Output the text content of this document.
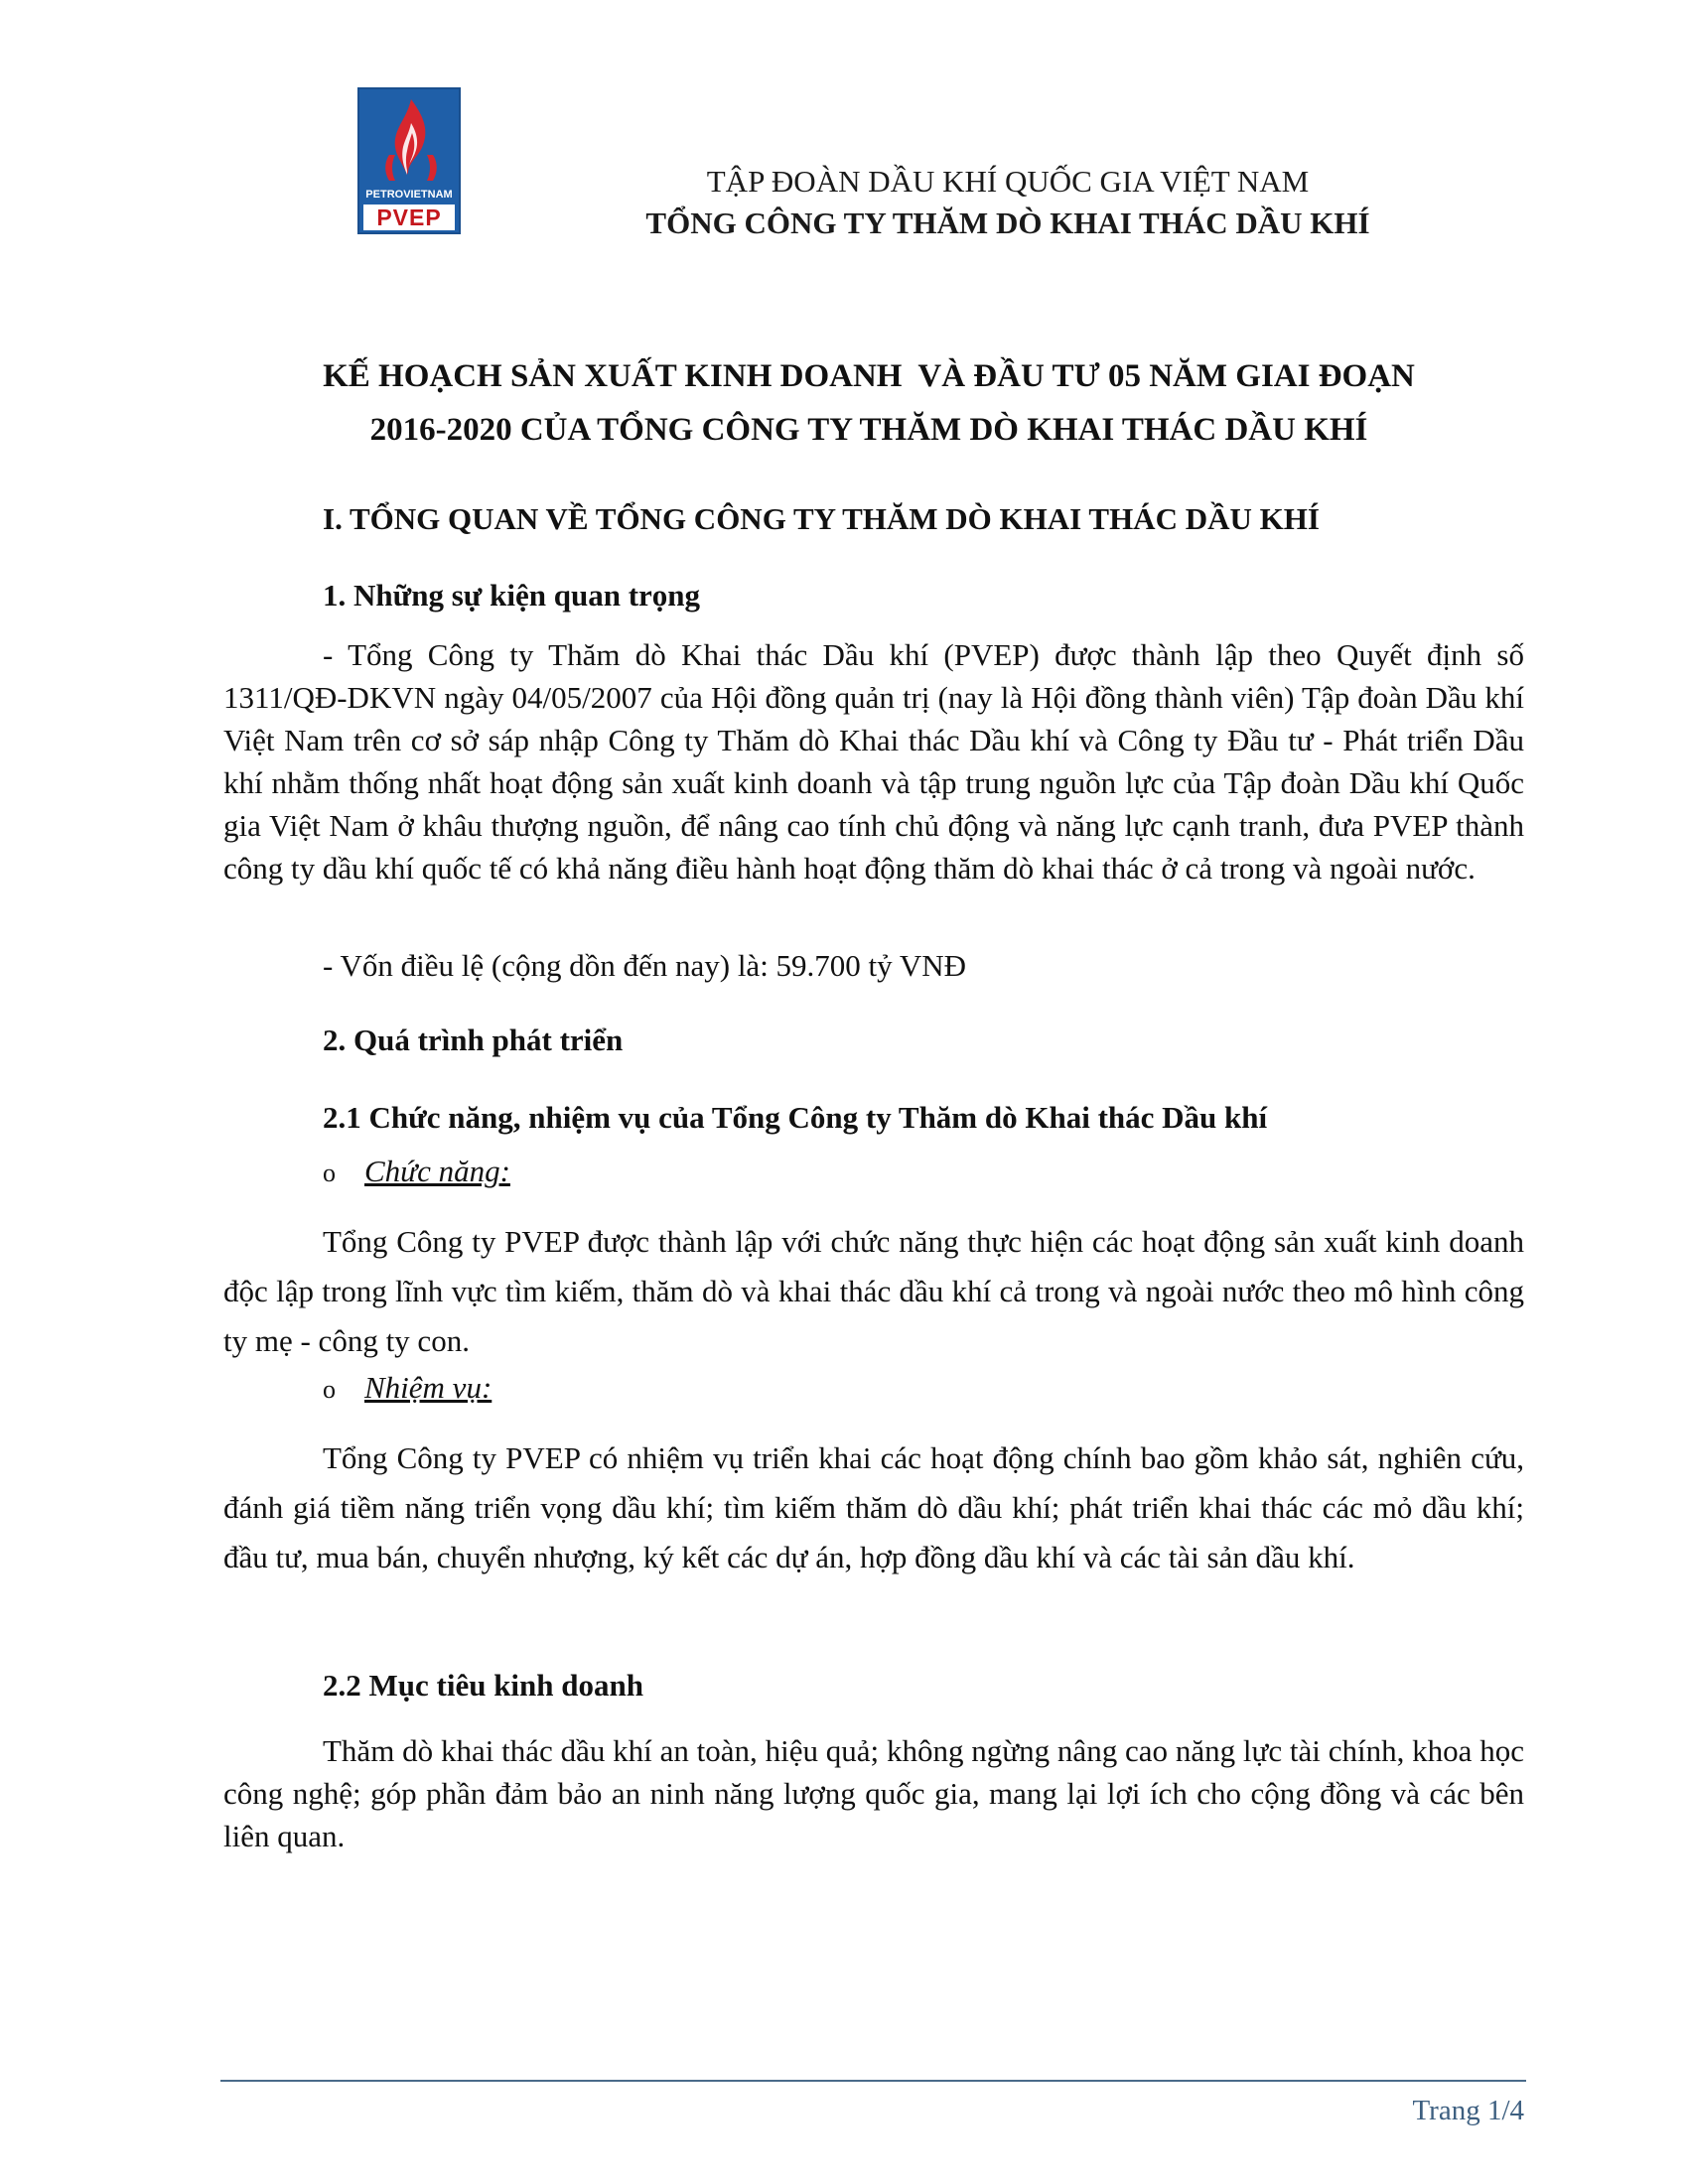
PETROVIETNAM
PVEP
TẬP ĐOÀN DẦU KHÍ QUỐC GIA VIỆT NAM
TỔNG CÔNG TY THĂM DÒ KHAI THÁC DẦU KHÍ
KẾ HOẠCH SẢN XUẤT KINH DOANH  VÀ ĐẦU TƯ 05 NĂM GIAI ĐOẠN
2016-2020 CỦA TỔNG CÔNG TY THĂM DÒ KHAI THÁC DẦU KHÍ
I. TỔNG QUAN VỀ TỔNG CÔNG TY THĂM DÒ KHAI THÁC DẦU KHÍ
1. Những sự kiện quan trọng
- Tổng Công ty Thăm dò Khai thác Dầu khí (PVEP) được thành lập theo Quyết định số 1311/QĐ-DKVN ngày 04/05/2007 của Hội đồng quản trị (nay là Hội đồng thành viên) Tập đoàn Dầu khí Việt Nam trên cơ sở sáp nhập Công ty Thăm dò Khai thác Dầu khí và Công ty Đầu tư - Phát triển Dầu khí nhằm thống nhất hoạt động sản xuất kinh doanh và tập trung nguồn lực của Tập đoàn Dầu khí Quốc gia Việt Nam ở khâu thượng nguồn, để nâng cao tính chủ động và năng lực cạnh tranh, đưa PVEP thành công ty dầu khí quốc tế có khả năng điều hành hoạt động thăm dò khai thác ở cả trong và ngoài nước.
- Vốn điều lệ (cộng dồn đến nay) là: 59.700 tỷ VNĐ
2. Quá trình phát triển
2.1 Chức năng, nhiệm vụ của Tổng Công ty Thăm dò Khai thác Dầu khí
o Chức năng:
Tổng Công ty PVEP được thành lập với chức năng thực hiện các hoạt động sản xuất kinh doanh độc lập trong lĩnh vực tìm kiếm, thăm dò và khai thác dầu khí cả trong và ngoài nước theo mô hình công ty mẹ - công ty con.
o Nhiệm vụ:
Tổng Công ty PVEP có nhiệm vụ triển khai các hoạt động chính bao gồm khảo sát, nghiên cứu, đánh giá tiềm năng triển vọng dầu khí; tìm kiếm thăm dò dầu khí; phát triển khai thác các mỏ dầu khí; đầu tư, mua bán, chuyển nhượng, ký kết các dự án, hợp đồng dầu khí và các tài sản dầu khí.
2.2 Mục tiêu kinh doanh
Thăm dò khai thác dầu khí an toàn, hiệu quả; không ngừng nâng cao năng lực tài chính, khoa học công nghệ; góp phần đảm bảo an ninh năng lượng quốc gia, mang lại lợi ích cho cộng đồng và các bên liên quan.
Trang 1/4
